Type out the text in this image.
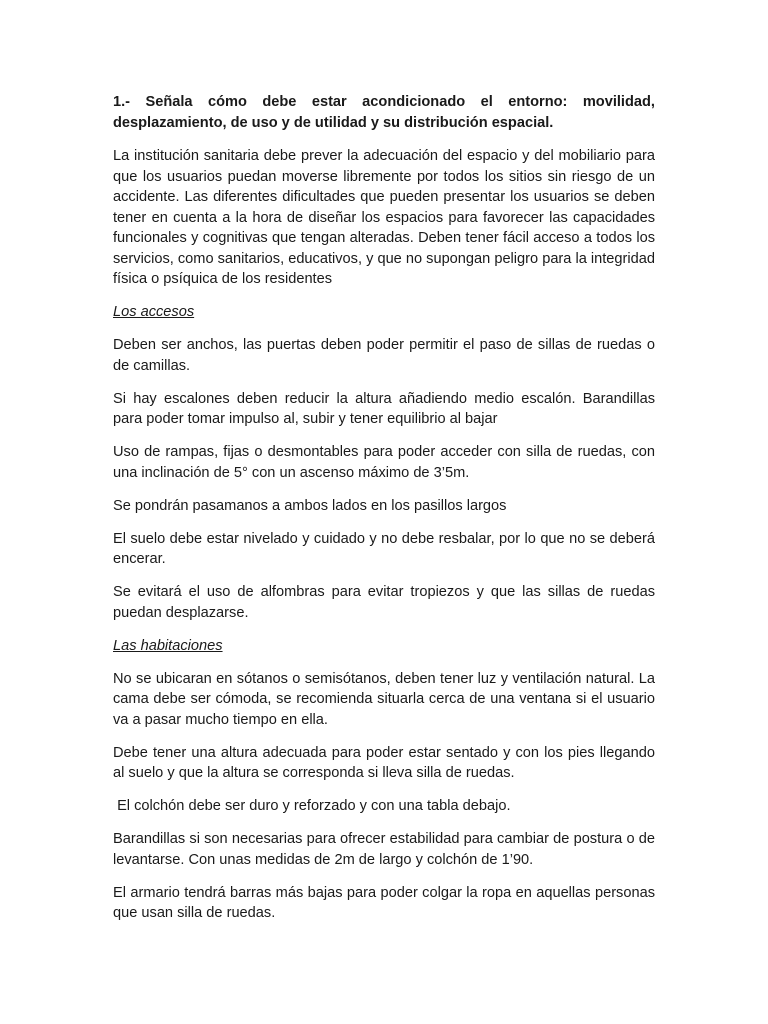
1.- Señala cómo debe estar acondicionado el entorno: movilidad, desplazamiento, de uso y de utilidad y su distribución espacial.

La institución sanitaria debe prever la adecuación del espacio y del mobiliario para que los usuarios puedan moverse libremente por todos los sitios sin riesgo de un accidente. Las diferentes dificultades que pueden presentar los usuarios se deben tener en cuenta a la hora de diseñar los espacios para favorecer las capacidades funcionales y cognitivas que tengan alteradas. Deben tener fácil acceso a todos los servicios, como sanitarios, educativos, y que no supongan peligro para la integridad física o psíquica de los residentes

Los accesos

Deben ser anchos, las puertas deben poder permitir el paso de sillas de ruedas o de camillas.

Si hay escalones deben reducir la altura añadiendo medio escalón. Barandillas para poder tomar impulso al, subir y tener equilibrio al bajar

Uso de rampas, fijas o desmontables para poder acceder con silla de ruedas, con una inclinación de 5° con un ascenso máximo de 3’5m.

Se pondrán pasamanos a ambos lados en los pasillos largos

El suelo debe estar nivelado y cuidado y no debe resbalar, por lo que no se deberá encerar.

Se evitará el uso de alfombras para evitar tropiezos y que las sillas de ruedas puedan desplazarse.

Las habitaciones

No se ubicaran en sótanos o semisótanos, deben tener luz y ventilación natural. La cama debe ser cómoda, se recomienda situarla cerca de una ventana si el usuario va a pasar mucho tiempo en ella.

Debe tener una altura adecuada para poder estar sentado y con los pies llegando al suelo y que la altura se corresponda si lleva silla de ruedas.

El colchón debe ser duro y reforzado y con una tabla debajo.

Barandillas si son necesarias para ofrecer estabilidad para cambiar de postura o de levantarse. Con unas medidas de 2m de largo y colchón de 1’90.

El armario tendrá barras más bajas para poder colgar la ropa en aquellas personas que usan silla de ruedas.
